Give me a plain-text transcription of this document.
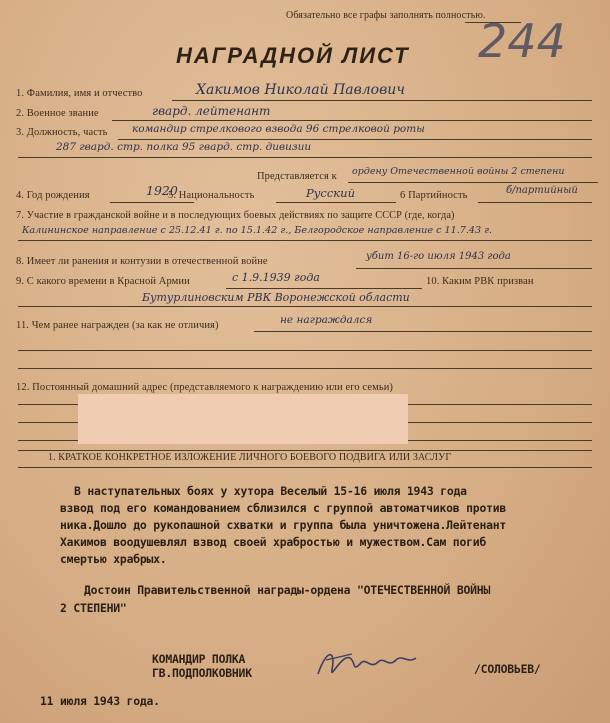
Обязательно все графы заполнять полностью.
244
НАГРАДНОЙ ЛИСТ
1. Фамилия, имя и отчество	Хакимов Николай Павлович
2. Военное звание	гвард. лейтенант
3. Должность, часть командир стрелкового взвода 96 стрелковой роты
287 гвард. стр. полка 95 гвард. стр. дивизии
Представляется к ордену Отечественной войны 2 степени
4. Год рождения	1920
5. Национальность	Русский	6 Партийность	б/партийный
7. Участие в гражданской войне и в последующих боевых действиях по защите СССР (где, когда)
Калининское направление с 25.12.41 г. по 15.1.42 г., Белгородское направление с 11.7.43 г.
8. Имеет ли ранения и контузии в отечественной войне	убит 16-го июля 1943 года
9. С какого времени в Красной Армии	с 1.9.1939 года	10. Каким РВК призван
Бутурлиновским РВК Воронежской области
11. Чем ранее награжден (за как не отличия)	не награждался
12. Постоянный домашний адрес (представляемого к награждению или его семьи)
1. КРАТКОЕ КОНКРЕТНОЕ ИЗЛОЖЕНИЕ ЛИЧНОГО БОЕВОГО ПОДВИГА ИЛИ ЗАСЛУГ
В наступательных боях у хутора Веселый 15-16 июля 1943 года
взвод под его командованием сблизился с группой автоматчиков против
ника.Дошло до рукопашной схватки и группа была уничтожена.Лейтенант
Хакимов воодушевлял взвод своей храбростью и мужеством.Сам погиб
смертью храбрых.
Достоин Правительственной награды-ордена "ОТЕЧЕСТВЕННОЙ ВОЙНЫ
2 СТЕПЕНИ"
КОМАНДИР ПОЛКА
ГВ.ПОДПОЛКОВНИК	/СОЛОВЬЕВ/
11 июля 1943 года.
